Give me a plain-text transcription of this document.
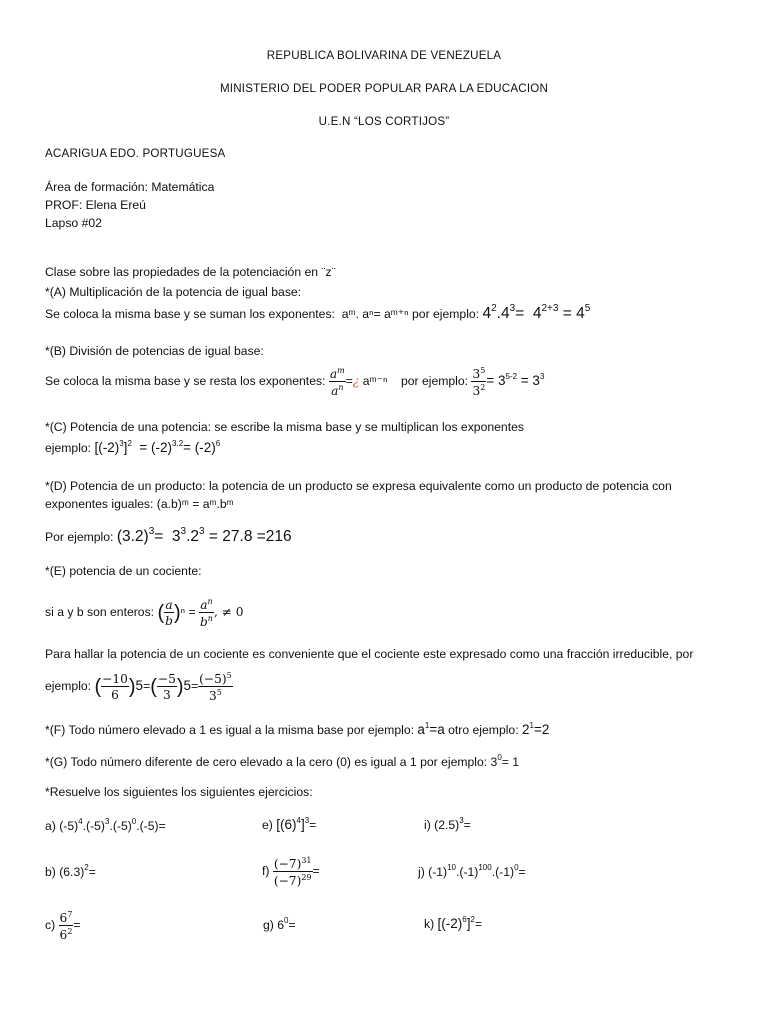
REPUBLICA BOLIVARINA DE VENEZUELA
MINISTERIO DEL PODER POPULAR PARA LA EDUCACION
U.E.N “LOS CORTIJOS”
ACARIGUA EDO. PORTUGUESA
Área de formación: Matemática
PROF: Elena Ereú
Lapso #02
Clase sobre las propiedades de la potenciación en ¨z¨
*(A) Multiplicación de la potencia de igual base:
Se coloca la misma base y se suman los exponentes:  aᵐ. aⁿ= aᵐ⁺ⁿ por ejemplo: $4^2.4^3= 4^{2+3} = 4^5$
*(B) División de potencias de igual base:
Se coloca la misma base y se resta los exponentes: $\frac{a^m}{a^n}$ =¿ aᵐ⁻ⁿ    por ejemplo: $\frac{3^5}{3^2} = 3^{5-2} = 3^3$
*(C) Potencia de una potencia: se escribe la misma base y se multiplican los exponentes
ejemplo: $[(-2)^3]^2 = (-2)^{3.2}= (-2)^6$
*(D) Potencia de un producto: la potencia de un producto se expresa equivalente como un producto de potencia con
exponentes iguales: (a.b)ᵐ = aᵐ.bᵐ
Por ejemplo: $(3.2)^3= 3^3.2^3 = 27.8 =216$
*(E) potencia de un cociente:
si a y b son enteros: ( $\frac{a}{b} )^n = \frac{a^n}{b^n}$ , ≠ 0
Para hallar la potencia de un cociente es conveniente que el cociente este expresado como una fracción irreducible, por
ejemplo: ( $\frac{-10}{6} )5=( \frac{-5}{3} )5= \frac{(-5)^5}{3^5}$
*(F) Todo número elevado a 1 es igual a la misma base por ejemplo: $a^1=a$ otro ejemplo: $2^1=2$
*(G) Todo número diferente de cero elevado a la cero (0) es igual a 1 por ejemplo: $3^0= 1$
*Resuelve los siguientes los siguientes ejercicios:
a) $(-5)^4.(-5)^3.(-5)^0.(-5)=$	e) $[(6)^4]^3=$	i) $(2.5)^3=$
b) $(6.3)^2=$	$f) \frac{(-7)^{31}}{(-7)^{29}}$ =	j) $(-1)^{10}.(-1)^{100}.(-1)^0=$
$c) \frac{6^7}{6^2}$ =	g) $6^0=$	k) $[(-2)^6]^2=$
